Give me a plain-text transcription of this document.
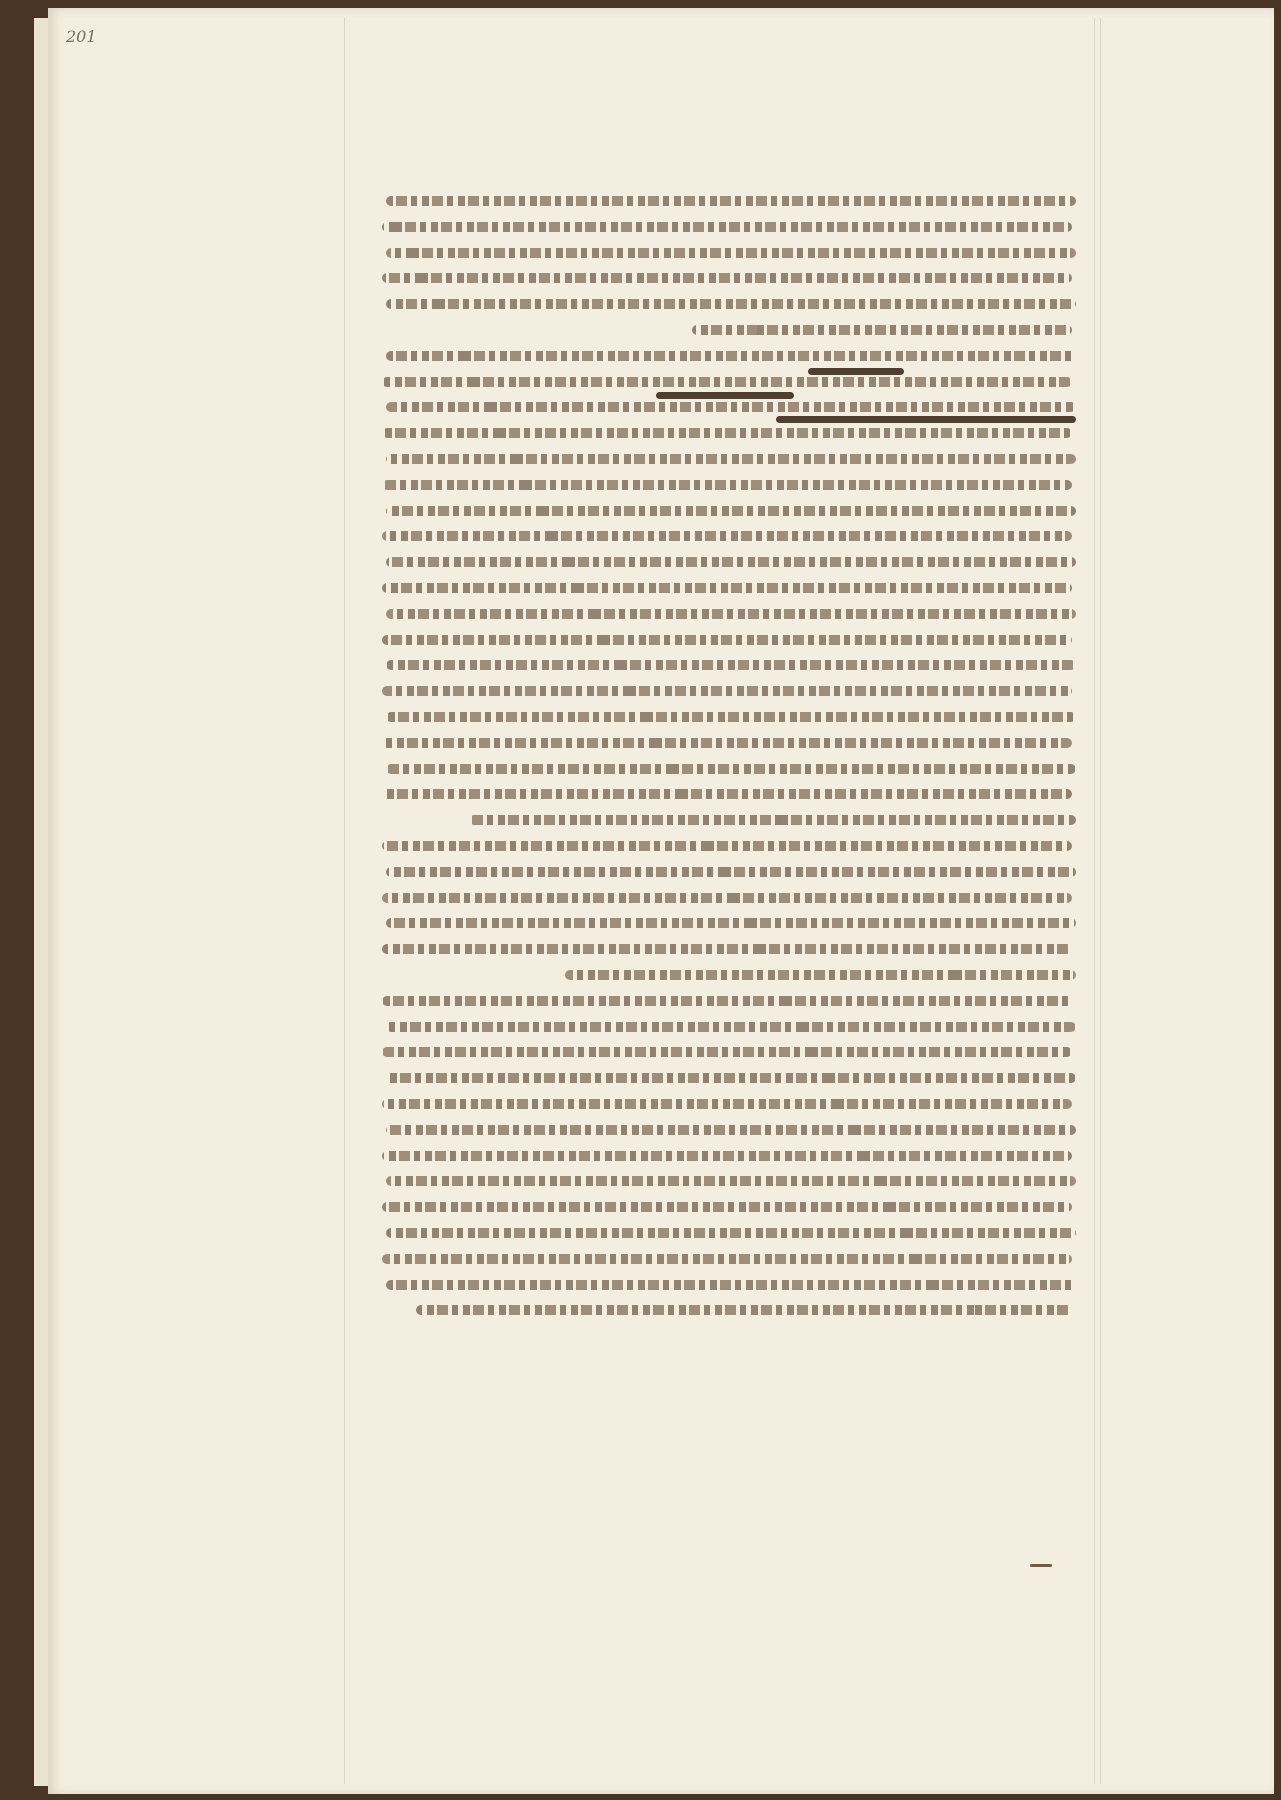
201
